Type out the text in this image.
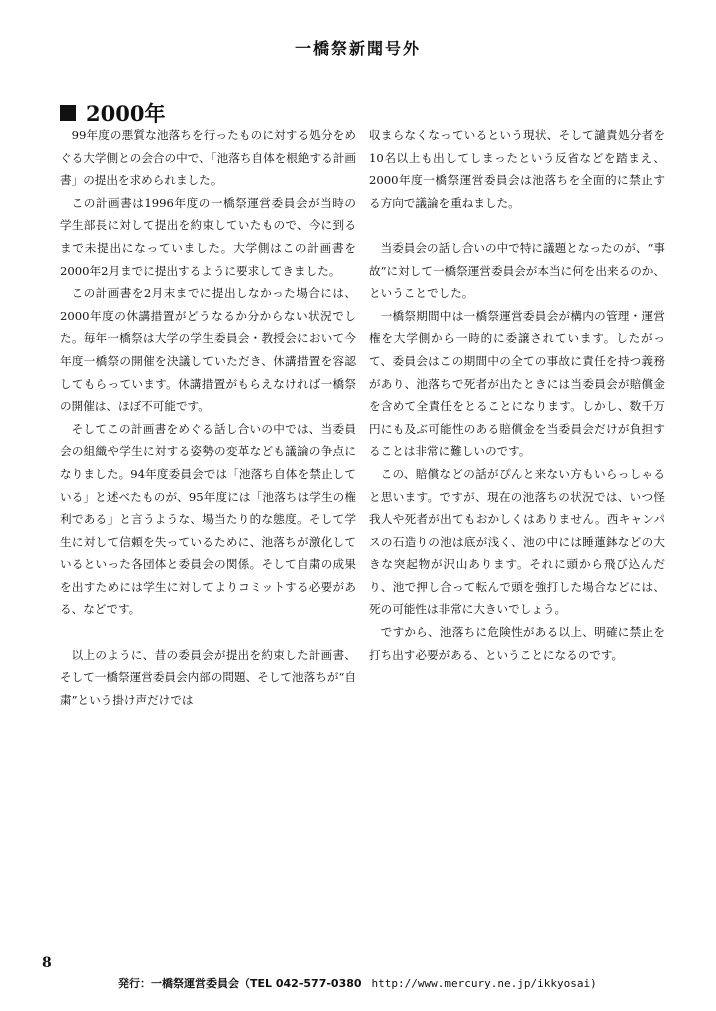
一橋祭新聞号外
2000年

99年度の悪質な池落ちを行ったものに対する処分をめぐる大学側との会合の中で、「池落ち自体を根絶する計画書」の提出を求められました。

この計画書は1996年度の一橋祭運営委員会が当時の学生部長に対して提出を約束していたもので、今に到るまで未提出になっていました。大学側はこの計画書を2000年2月までに提出するように要求してきました。

この計画書を2月末までに提出しなかった場合には、2000年度の休講措置がどうなるか分からない状況でした。毎年一橋祭は大学の学生委員会・教授会において今年度一橋祭の開催を決議していただき、休講措置を容認してもらっています。休講措置がもらえなければ一橋祭の開催は、ほぼ不可能です。

そしてこの計画書をめぐる話し合いの中では、当委員会の組織や学生に対する姿勢の変革なども議論の争点になりました。94年度委員会では「池落ち自体を禁止している」と述べたものが、95年度には「池落ちは学生の権利である」と言うような、場当たり的な態度。そして学生に対して信頼を失っているために、池落ちが激化しているといった各団体と委員会の関係。そして自粛の成果を出すためには学生に対してよりコミットする必要がある、などです。

以上のように、昔の委員会が提出を約束した計画書、そして一橋祭運営委員会内部の問題、そして池落ちが“自粛”という掛け声だけでは

収まらなくなっているという現状、そして譴責処分者を10名以上も出してしまったという反省などを踏まえ、2000年度一橋祭運営委員会は池落ちを全面的に禁止する方向で議論を重ねました。

当委員会の話し合いの中で特に議題となったのが、“事故”に対して一橋祭運営委員会が本当に何を出来るのか、ということでした。

一橋祭期間中は一橋祭運営委員会が構内の管理・運営権を大学側から一時的に委譲されています。したがって、委員会はこの期間中の全ての事故に責任を持つ義務があり、池落ちで死者が出たときには当委員会が賠償金を含めて全責任をとることになります。しかし、数千万円にも及ぶ可能性のある賠償金を当委員会だけが負担することは非常に難しいのです。

この、賠償などの話がぴんと来ない方もいらっしゃると思います。ですが、現在の池落ちの状況では、いつ怪我人や死者が出てもおかしくはありません。西キャンパスの石造りの池は底が浅く、池の中には睡蓮鉢などの大きな突起物が沢山あります。それに頭から飛び込んだり、池で押し合って転んで頭を強打した場合などには、死の可能性は非常に大きいでしょう。

ですから、池落ちに危険性がある以上、明確に禁止を打ち出す必要がある、ということになるのです。

8
発行：一橋祭運営委員会（TEL 042-577-0380 http://www.mercury.ne.jp/ikkyosai)
